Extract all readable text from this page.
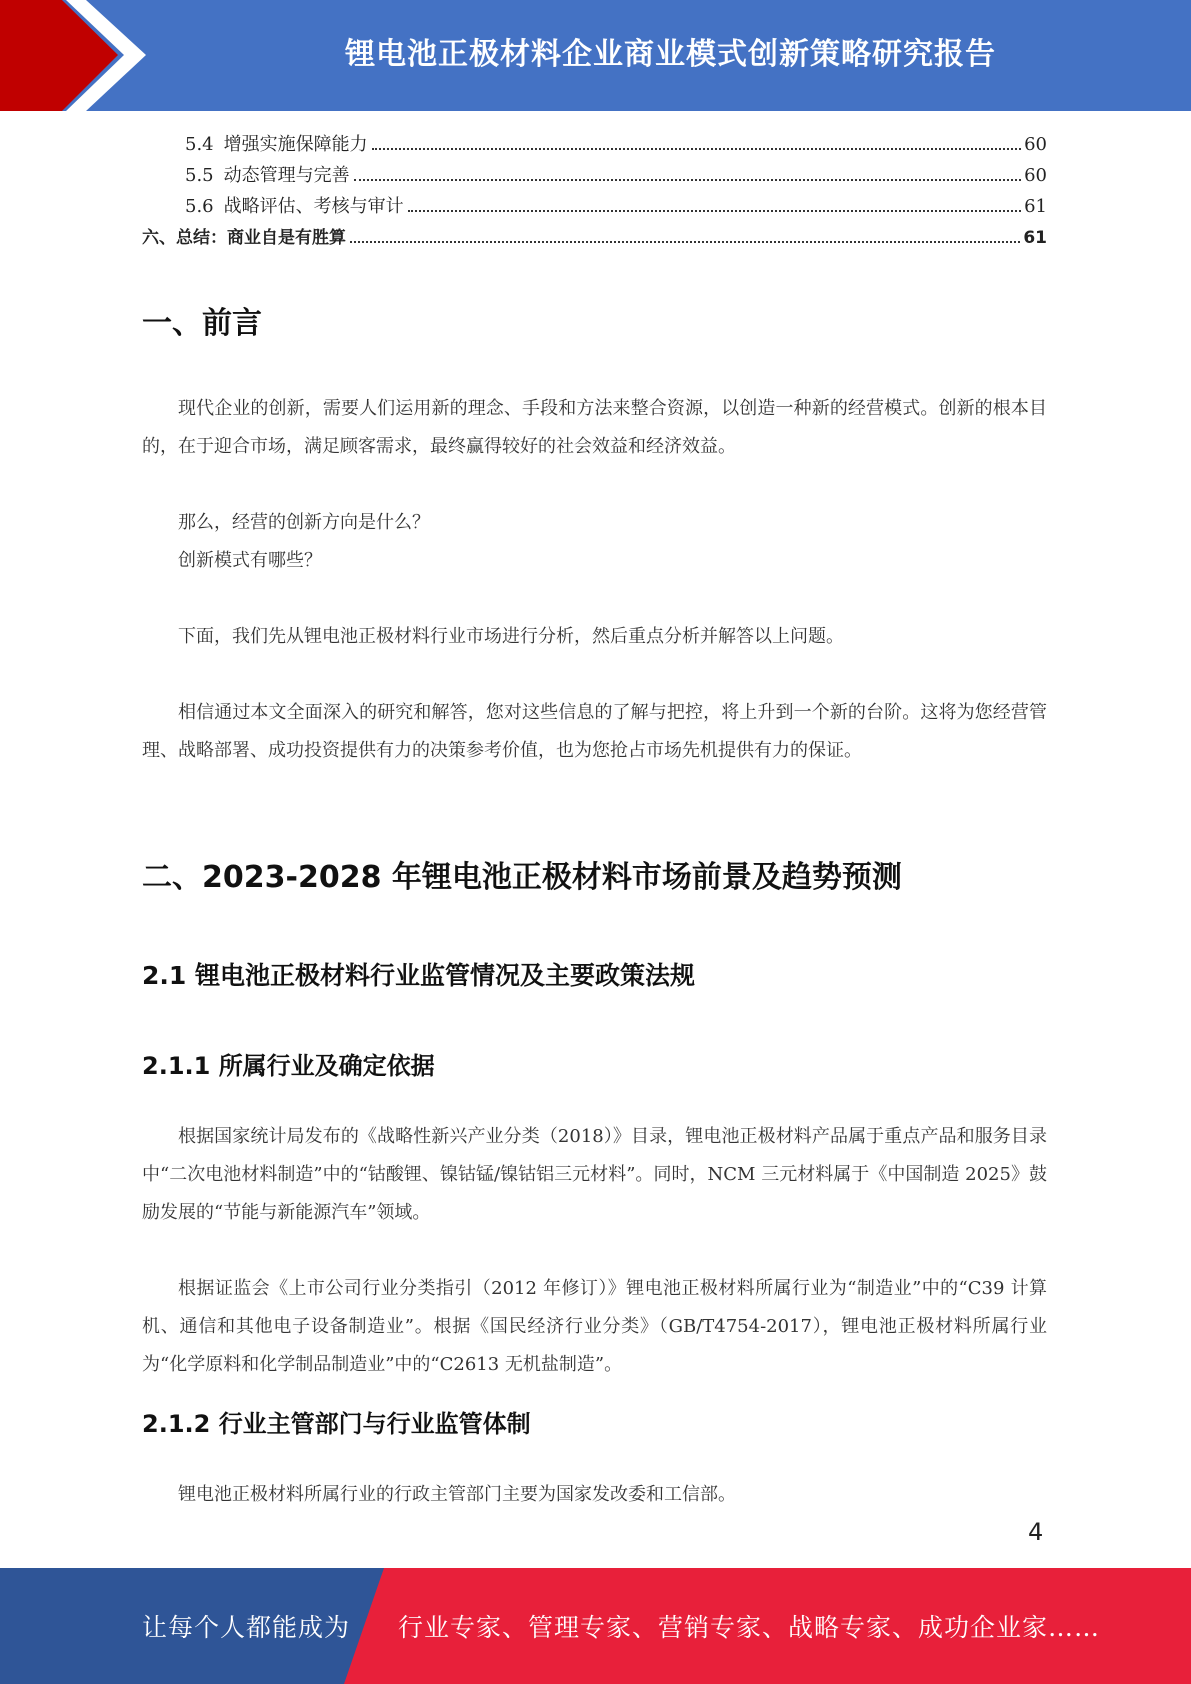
锂电池正极材料企业商业模式创新策略研究报告
5.4 增强实施保障能力	60
5.5 动态管理与完善	60
5.6 战略评估、考核与审计	61
六、总结：商业自是有胜算	61
一、前言

现代企业的创新，需要人们运用新的理念、手段和方法来整合资源，以创造一种新的经营模式。创新的根本目的，在于迎合市场，满足顾客需求，最终赢得较好的社会效益和经济效益。

那么，经营的创新方向是什么？

创新模式有哪些？

下面，我们先从锂电池正极材料行业市场进行分析，然后重点分析并解答以上问题。

相信通过本文全面深入的研究和解答，您对这些信息的了解与把控，将上升到一个新的台阶。这将为您经营管理、战略部署、成功投资提供有力的决策参考价值，也为您抢占市场先机提供有力的保证。

二、2023-2028 年锂电池正极材料市场前景及趋势预测
2.1 锂电池正极材料行业监管情况及主要政策法规
2.1.1 所属行业及确定依据

根据国家统计局发布的《战略性新兴产业分类（2018）》目录，锂电池正极材料产品属于重点产品和服务目录中“二次电池材料制造”中的“钴酸锂、镍钴锰/镍钴铝三元材料”。同时，NCM 三元材料属于《中国制造 2025》鼓励发展的“节能与新能源汽车”领域。

根据证监会《上市公司行业分类指引（2012 年修订）》锂电池正极材料所属行业为“制造业”中的“C39 计算机、通信和其他电子设备制造业”。根据《国民经济行业分类》（GB/T4754-2017），锂电池正极材料所属行业为“化学原料和化学制品制造业”中的“C2613 无机盐制造”。

2.1.2 行业主管部门与行业监管体制

锂电池正极材料所属行业的行政主管部门主要为国家发改委和工信部。

4
让每个人都能成为 行业专家、管理专家、营销专家、战略专家、成功企业家……
